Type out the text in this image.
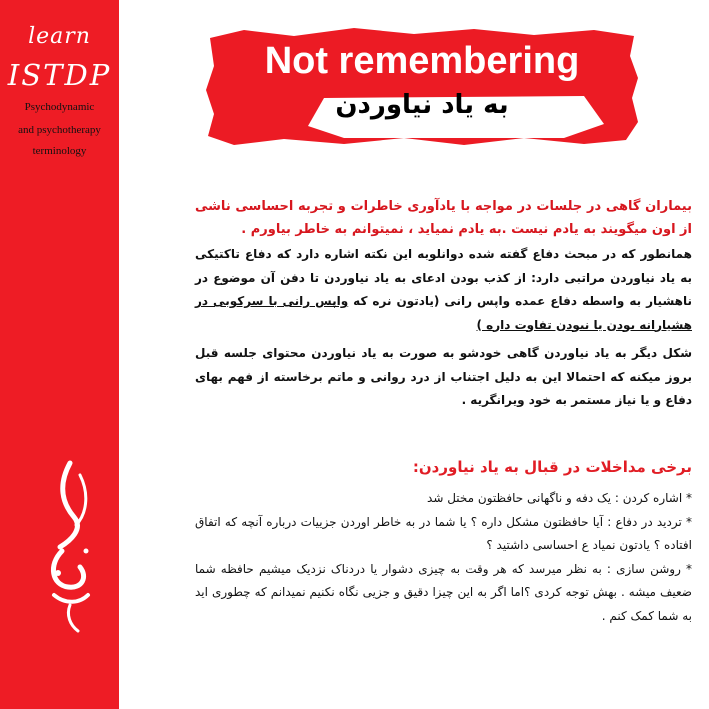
learn
ISTDP
Psychodynamic
and psychotherapy
terminology
Not remembering
به یاد نیاوردن
بیماران گاهی در جلسات در مواجه با یادآوری خاطرات و تجربه احساسی ناشی از اون میگویند به یادم نیست .به یادم نمیاید ، نمیتوانم به خاطر بیاورم .
همانطور که در مبحث دفاع گفته شده دوانلوبه این نکته اشاره دارد که دفاع تاکتیکی به یاد نیاوردن مراتبی دارد: از کذب بودن ادعای به یاد نیاوردن تا دفن آن موضوع در ناهشیار به واسطه دفاع عمده واپس رانی (یادتون نره که واپس رانی با سرکوبی در هشیارانه بودن یا نبودن تفاوت داره )
شکل دیگر به یاد نیاوردن گاهی خودشو به صورت به یاد نیاوردن محتوای جلسه قبل بروز میکنه که احتمالا این به دلیل اجتناب از درد روانی و ماتم برخاسته از فهم بهای دفاع و یا نیاز مستمر به خود ویرانگریه .
برخی مداخلات در قبال به یاد نیاوردن:
* اشاره کردن : یک دفه و ناگهانی حافظتون مختل شد
* تردید در دفاع : آیا حافظتون مشکل داره ؟ یا شما در به خاطر اوردن جزییات درباره آنچه که اتفاق افتاده ؟ یادتون نمیاد ع احساسی داشتید ؟
* روشن سازی : به نظر میرسد که هر وقت به چیزی دشوار یا دردناک نزدیک میشیم حافظه شما ضعیف میشه . بهش توجه کردی ؟اما اگر به این چیزا دقیق و جزیی نگاه نکنیم نمیدانم که چطوری اید به شما کمک کنم .
